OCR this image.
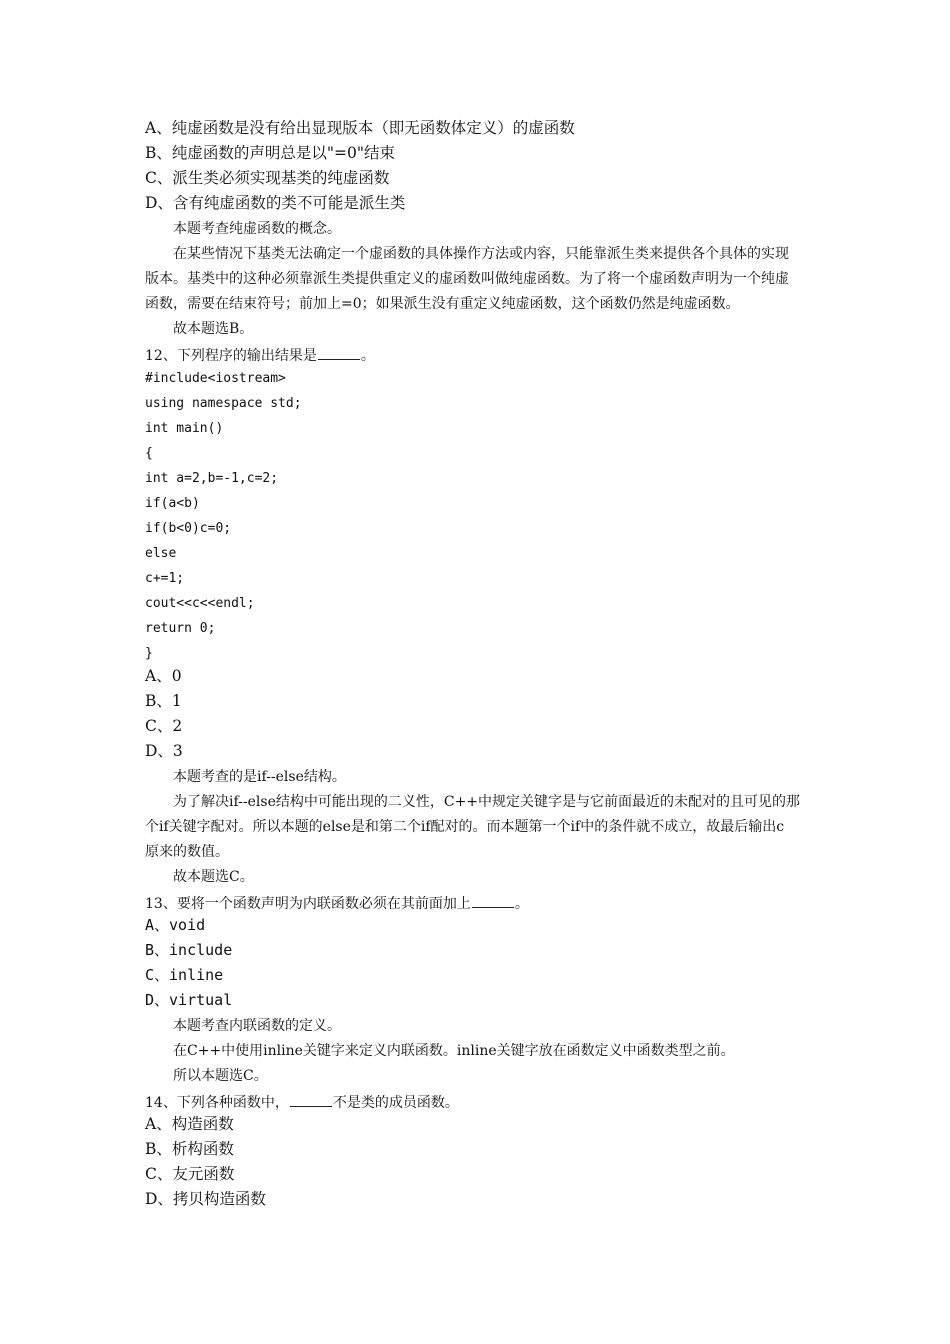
A、纯虚函数是没有给出显现版本（即无函数体定义）的虚函数
B、纯虚函数的声明总是以"=0"结束
C、派生类必须实现基类的纯虚函数
D、含有纯虚函数的类不可能是派生类
本题考查纯虚函数的概念。
在某些情况下基类无法确定一个虚函数的具体操作方法或内容，只能靠派生类来提供各个具体的实现
版本。基类中的这种必须靠派生类提供重定义的虚函数叫做纯虚函数。为了将一个虚函数声明为一个纯虚
函数，需要在结束符号；前加上=0；如果派生没有重定义纯虚函数，这个函数仍然是纯虚函数。
故本题选B。
12、下列程序的输出结果是	。
#include<iostream>
using namespace std;
int main()
{
int a=2,b=-1,c=2;
if(a<b)
if(b<0)c=0;
else
c+=1;
cout<<c<<endl;
return 0;
}
A、0
B、1
C、2
D、3
本题考查的是if--else结构。
为了解决if--else结构中可能出现的二义性，C++中规定关键字是与它前面最近的未配对的且可见的那
个if关键字配对。所以本题的else是和第二个if配对的。而本题第一个if中的条件就不成立，故最后输出c
原来的数值。
故本题选C。
13、要将一个函数声明为内联函数必须在其前面加上	。
A、void
B、include
C、inline
D、virtual
本题考查内联函数的定义。
在C++中使用inline关键字来定义内联函数。inline关键字放在函数定义中函数类型之前。
所以本题选C。
14、下列各种函数中，	不是类的成员函数。
A、构造函数
B、析构函数
C、友元函数
D、拷贝构造函数
